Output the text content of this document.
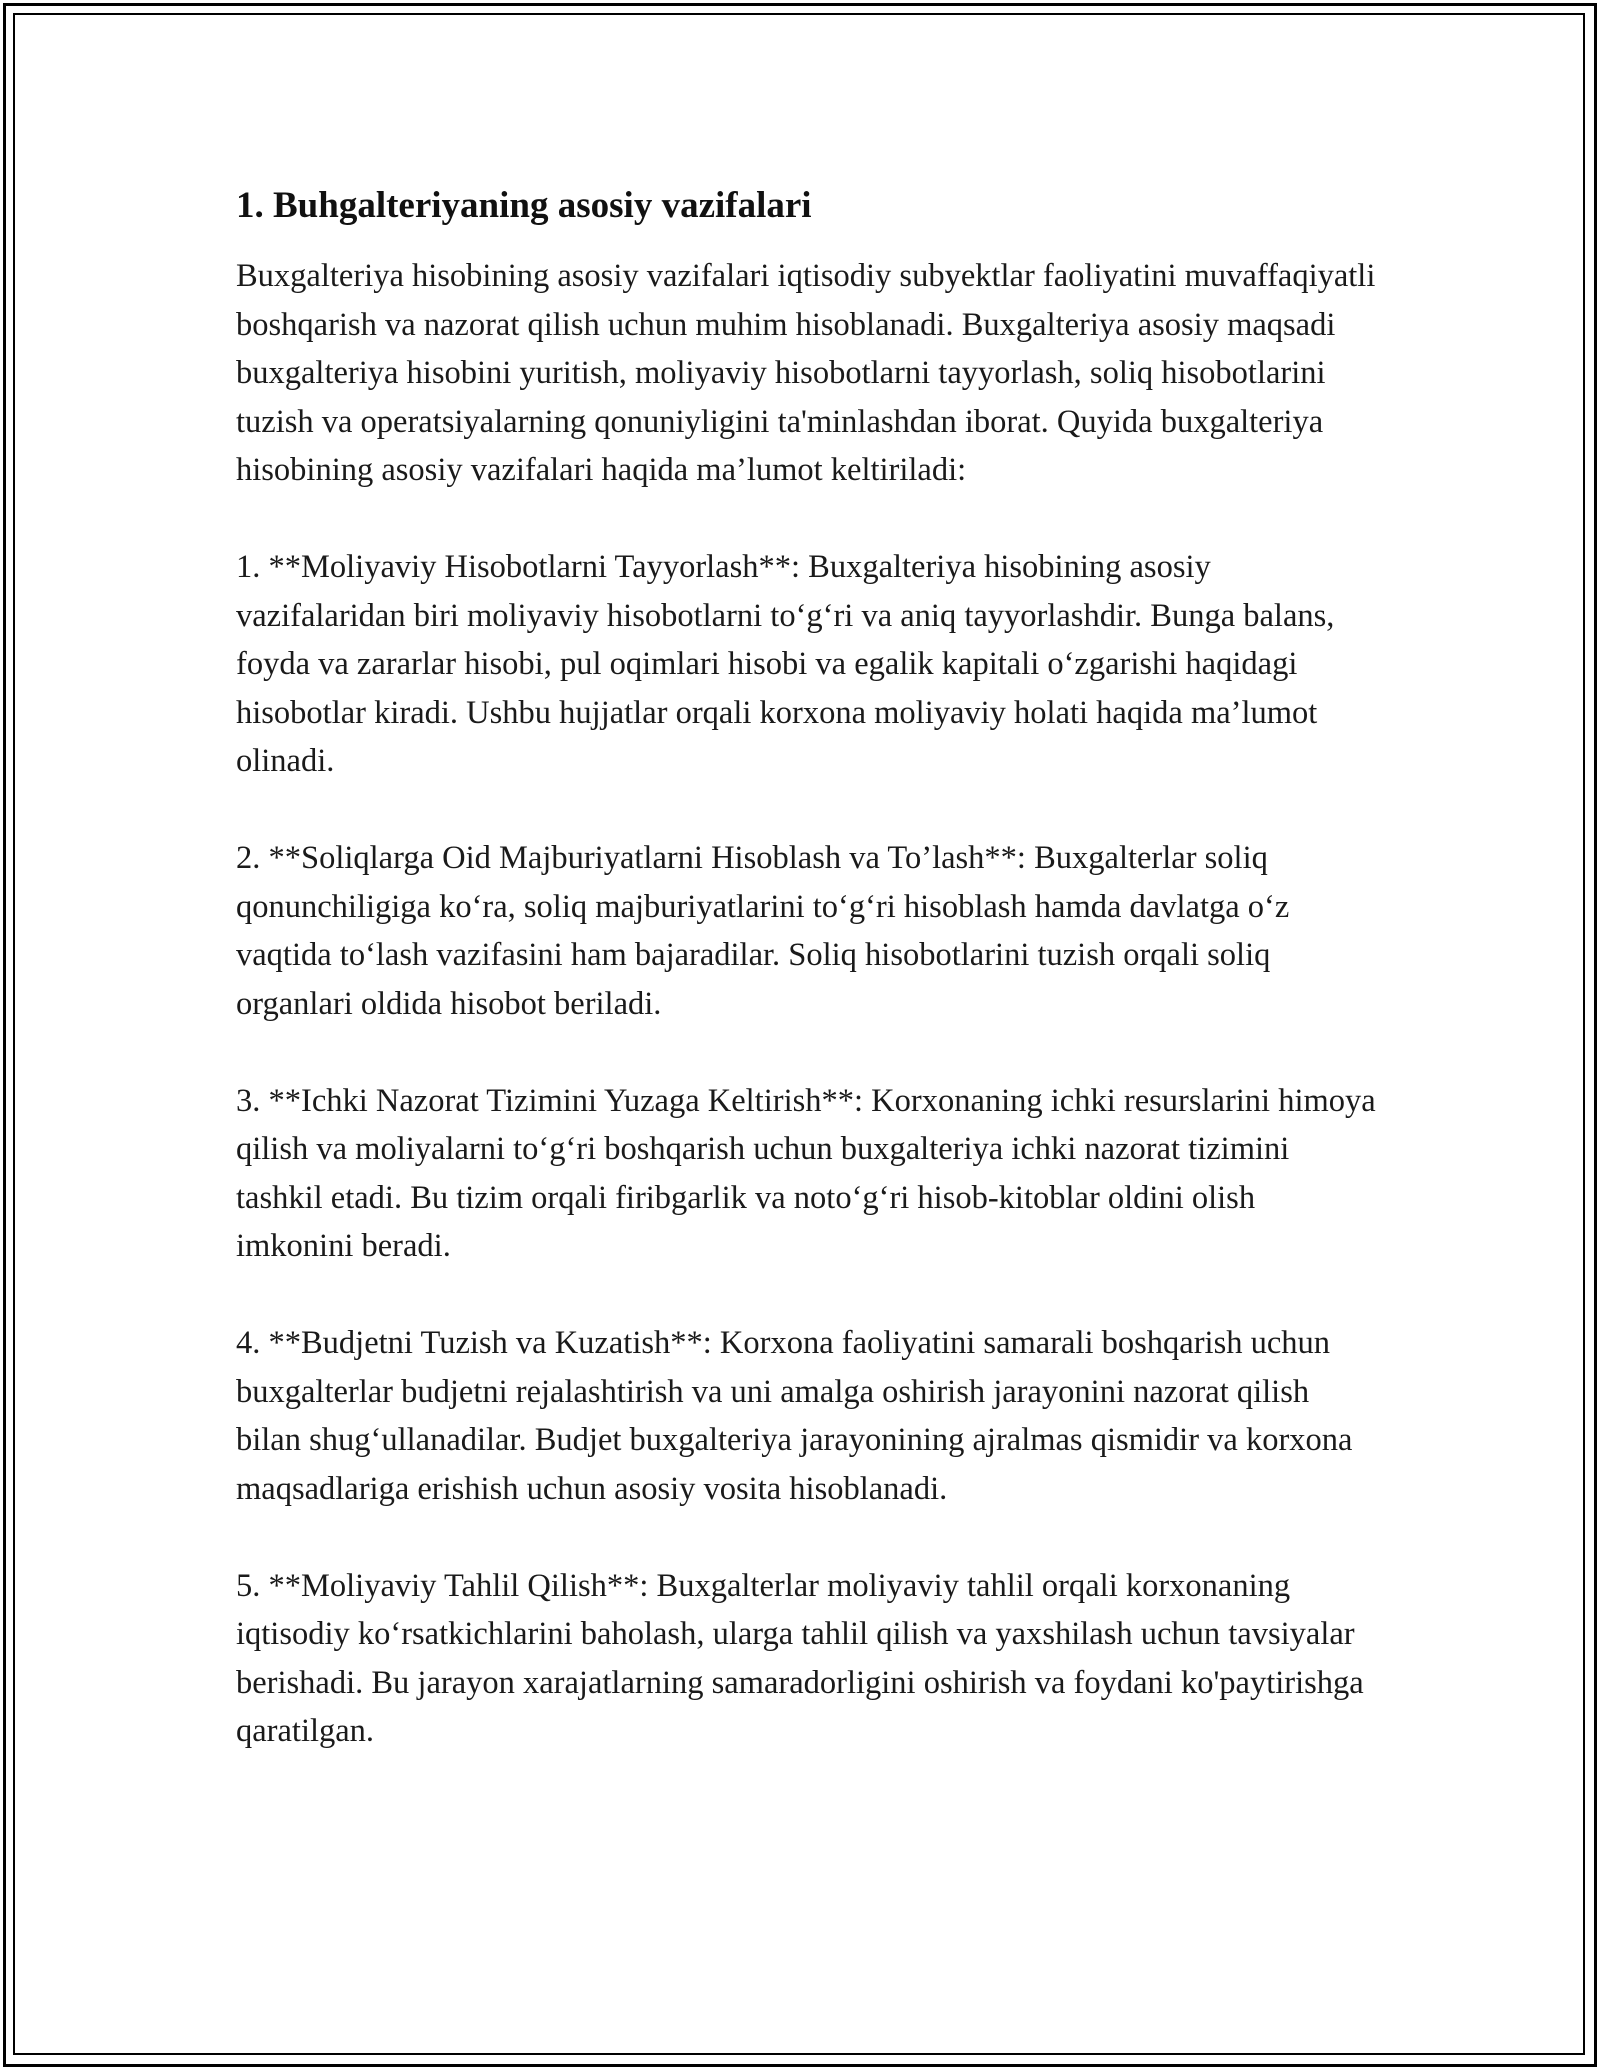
1. Buhgalteriyaning asosiy vazifalari

Buxgalteriya hisobining asosiy vazifalari iqtisodiy subyektlar faoliyatini muvaffaqiyatli boshqarish va nazorat qilish uchun muhim hisoblanadi. Buxgalteriya asosiy maqsadi buxgalteriya hisobini yuritish, moliyaviy hisobotlarni tayyorlash, soliq hisobotlarini tuzish va operatsiyalarning qonuniyligini ta'minlashdan iborat. Quyida buxgalteriya hisobining asosiy vazifalari haqida ma’lumot keltiriladi:

1. **Moliyaviy Hisobotlarni Tayyorlash**: Buxgalteriya hisobining asosiy vazifalaridan biri moliyaviy hisobotlarni to‘g‘ri va aniq tayyorlashdir. Bunga balans, foyda va zararlar hisobi, pul oqimlari hisobi va egalik kapitali o‘zgarishi haqidagi hisobotlar kiradi. Ushbu hujjatlar orqali korxona moliyaviy holati haqida ma’lumot olinadi.

2. **Soliqlarga Oid Majburiyatlarni Hisoblash va To’lash**: Buxgalterlar soliq qonunchiligiga ko‘ra, soliq majburiyatlarini to‘g‘ri hisoblash hamda davlatga o‘z vaqtida to‘lash vazifasini ham bajaradilar. Soliq hisobotlarini tuzish orqali soliq organlari oldida hisobot beriladi.

3. **Ichki Nazorat Tizimini Yuzaga Keltirish**: Korxonaning ichki resurslarini himoya qilish va moliyalarni to‘g‘ri boshqarish uchun buxgalteriya ichki nazorat tizimini tashkil etadi. Bu tizim orqali firibgarlik va noto‘g‘ri hisob-kitoblar oldini olish imkonini beradi.

4. **Budjetni Tuzish va Kuzatish**: Korxona faoliyatini samarali boshqarish uchun buxgalterlar budjetni rejalashtirish va uni amalga oshirish jarayonini nazorat qilish bilan shug‘ullanadilar. Budjet buxgalteriya jarayonining ajralmas qismidir va korxona maqsadlariga erishish uchun asosiy vosita hisoblanadi.

5. **Moliyaviy Tahlil Qilish**: Buxgalterlar moliyaviy tahlil orqali korxonaning iqtisodiy ko‘rsatkichlarini baholash, ularga tahlil qilish va yaxshilash uchun tavsiyalar berishadi. Bu jarayon xarajatlarning samaradorligini oshirish va foydani ko'paytirishga qaratilgan.
